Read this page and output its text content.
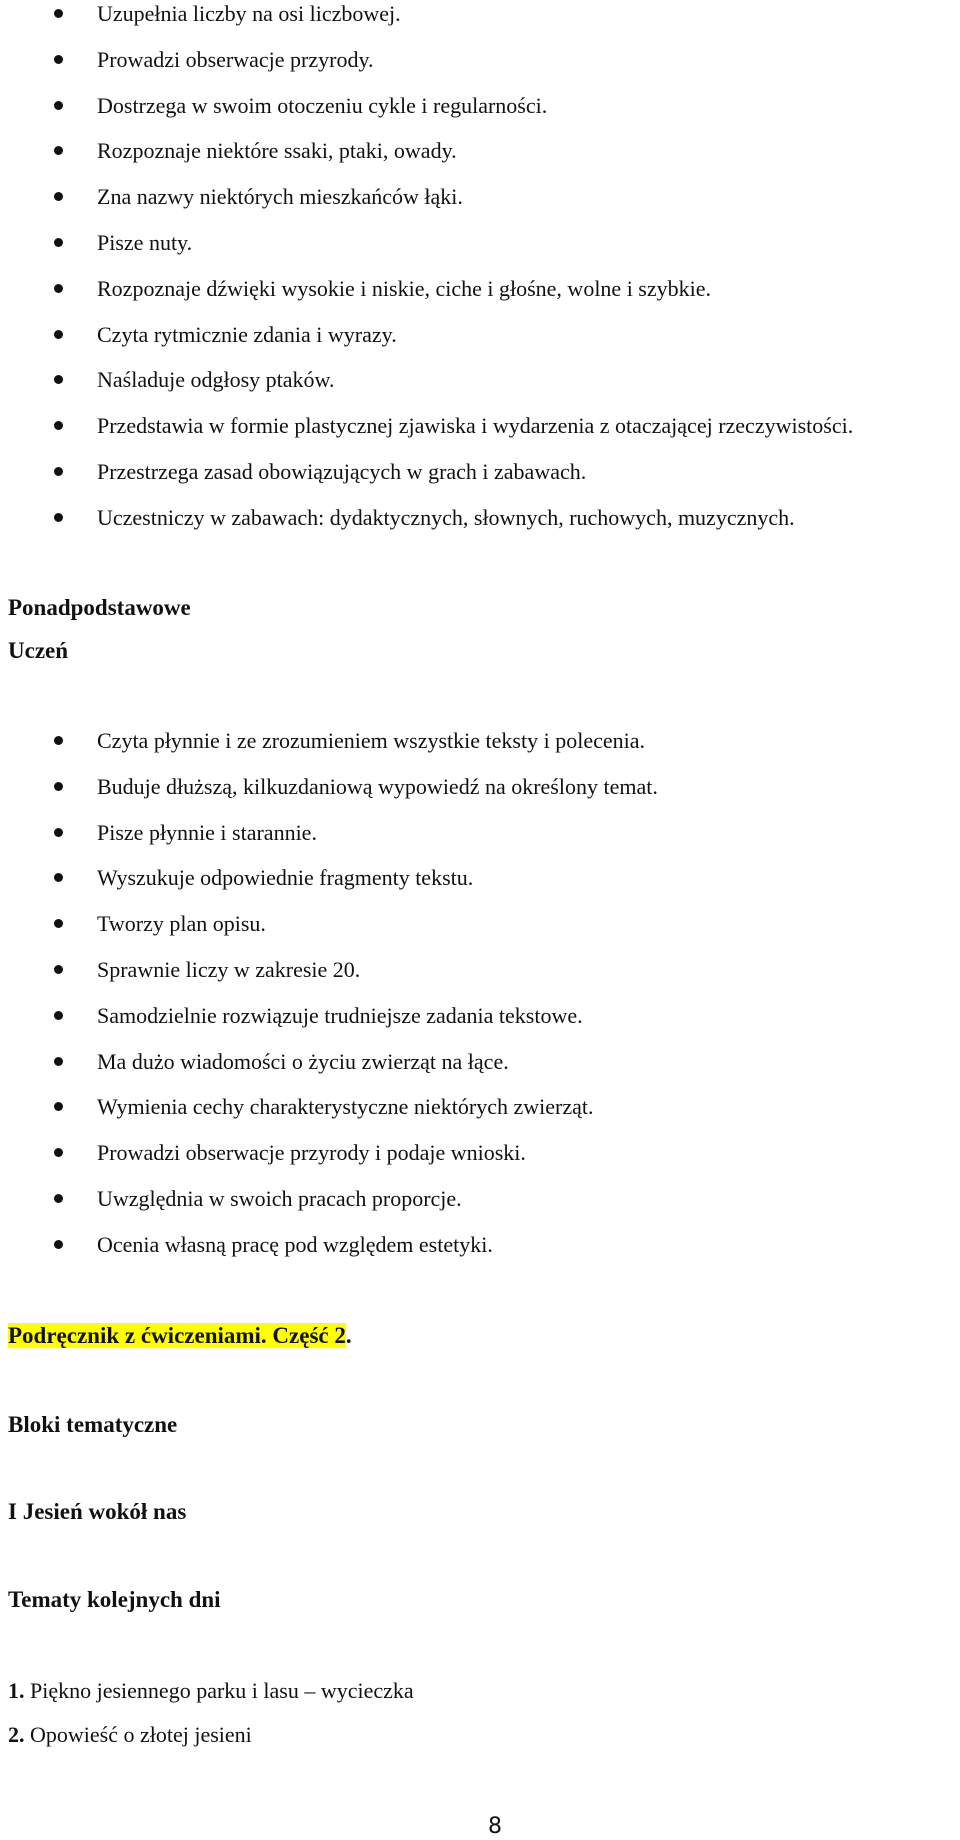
Uzupełnia liczby na osi liczbowej.
Prowadzi obserwacje przyrody.
Dostrzega w swoim otoczeniu cykle i regularności.
Rozpoznaje niektóre ssaki, ptaki, owady.
Zna nazwy niektórych mieszkańców łąki.
Pisze nuty.
Rozpoznaje dźwięki wysokie i niskie, ciche i głośne, wolne i szybkie.
Czyta rytmicznie zdania i wyrazy.
Naśladuje odgłosy ptaków.
Przedstawia w formie plastycznej zjawiska i wydarzenia z otaczającej rzeczywistości.
Przestrzega zasad obowiązujących w grach i zabawach.
Uczestniczy w zabawach: dydaktycznych, słownych, ruchowych, muzycznych.
Ponadpodstawowe
Uczeń
Czyta płynnie i ze zrozumieniem wszystkie teksty i polecenia.
Buduje dłuższą, kilkuzdaniową wypowiedź na określony temat.
Pisze płynnie i starannie.
Wyszukuje odpowiednie fragmenty tekstu.
Tworzy plan opisu.
Sprawnie liczy w zakresie 20.
Samodzielnie rozwiązuje trudniejsze zadania tekstowe.
Ma dużo wiadomości o życiu zwierząt na łące.
Wymienia cechy charakterystyczne niektórych zwierząt.
Prowadzi obserwacje przyrody i podaje wnioski.
Uwzględnia w swoich pracach proporcje.
Ocenia własną pracę pod względem estetyki.
Podręcznik z ćwiczeniami. Część 2.
Bloki tematyczne
I Jesień wokół nas
Tematy kolejnych dni
1. Piękno jesiennego parku i lasu – wycieczka
2. Opowieść o złotej jesieni
8
